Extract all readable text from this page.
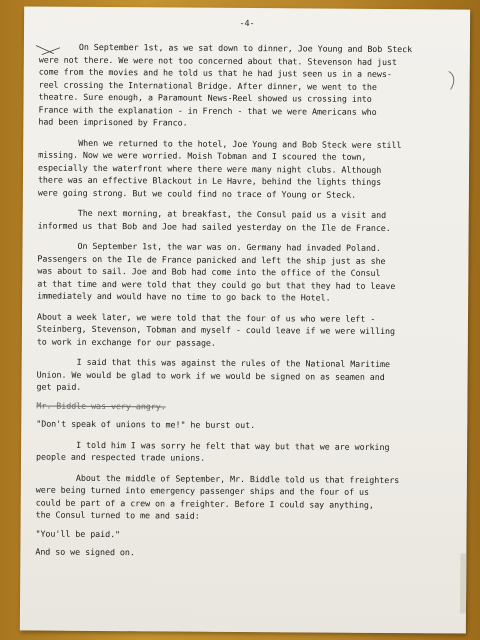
-4-
On September 1st, as we sat down to dinner, Joe Young and Bob Steck
were not there. We were not too concerned about that. Stevenson had just
come from the movies and he told us that he had just seen us in a news-
reel crossing the International Bridge. After dinner, we went to the
theatre. Sure enough, a Paramount News-Reel showed us crossing into
France with the explanation - in French - that we were Americans who
had been imprisoned by Franco.
When we returned to the hotel, Joe Young and Bob Steck were still
missing. Now we were worried. Moish Tobman and I scoured the town,
especially the waterfront where there were many night clubs. Although
there was an effective Blackout in Le Havre, behind the lights things
were going strong. But we could find no trace of Young or Steck.
The next morning, at breakfast, the Consul paid us a visit and
informed us that Bob and Joe had sailed yesterday on the Ile de France.
On September 1st, the war was on. Germany had invaded Poland.
Passengers on the Ile de France panicked and left the ship just as she
was about to sail. Joe and Bob had come into the office of the Consul
at that time and were told that they could go but that they had to leave
immediately and would have no time to go back to the Hotel.
About a week later, we were told that the four of us who were left -
Steinberg, Stevenson, Tobman and myself - could leave if we were willing
to work in exchange for our passage.
I said that this was against the rules of the National Maritime
Union. We would be glad to work if we would be signed on as seamen and
get paid.
Mr. Biddle was very angry.
"Don't speak of unions to me!" he burst out.
I told him I was sorry he felt that way but that we are working
people and respected trade unions.
About the middle of September, Mr. Biddle told us that freighters
were being turned into emergency passenger ships and the four of us
could be part of a crew on a freighter. Before I could say anything,
the Consul turned to me and said:
"You'll be paid."
And so we signed on.
